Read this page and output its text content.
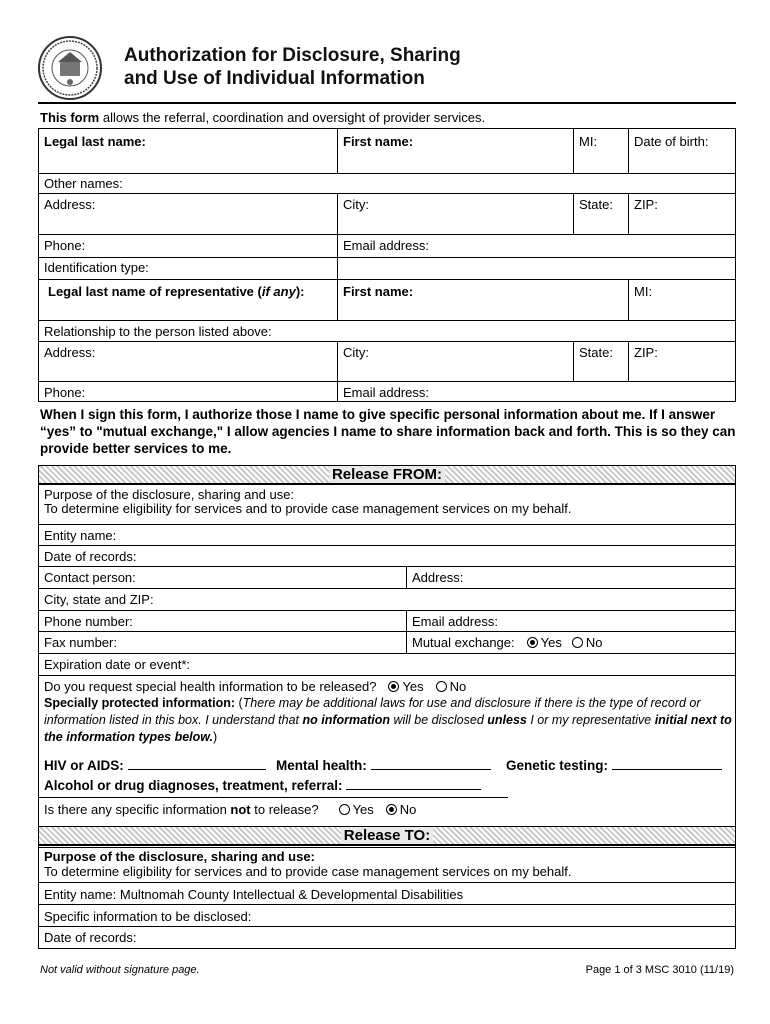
Authorization for Disclosure, Sharing
and Use of Individual Information
This form allows the referral, coordination and oversight of provider services.
Legal last name:	First name:	MI:	Date of birth:
Other names:
Address:	City:	State:	ZIP:
Phone:	Email address:
Identification type:
Legal last name of representative (if any):	First name:	MI:
Relationship to the person listed above:
Address:	City:	State:	ZIP:
Phone:	Email address:
When I sign this form, I authorize those I name to give specific personal information about me. If I answer “yes” to "mutual exchange," I allow agencies I name to share information back and forth. This is so they can provide better services to me.
Release FROM:
Purpose of the disclosure, sharing and use:
To determine eligibility for services and to provide case management services on my behalf.
Entity name:
Date of records:
Contact person:	Address:
City, state and ZIP:
Phone number:	Email address:
Fax number:	Mutual exchange: Yes No
Expiration date or event*:
Do you request special health information to be released? Yes No
Specially protected information: (There may be additional laws for use and disclosure if there is the type of record or information listed in this box. I understand that no information will be disclosed unless I or my representative initial next to the information types below.)
HIV or AIDS:	Mental health:	Genetic testing:
Alcohol or drug diagnoses, treatment, referral:
Is there any specific information not to release?	Yes No
Release TO:
Purpose of the disclosure, sharing and use:
To determine eligibility for services and to provide case management services on my behalf.
Entity name: Multnomah County Intellectual & Developmental Disabilities
Specific information to be disclosed:
Date of records:
Not valid without signature page.	Page 1 of 3 MSC 3010 (11/19)
